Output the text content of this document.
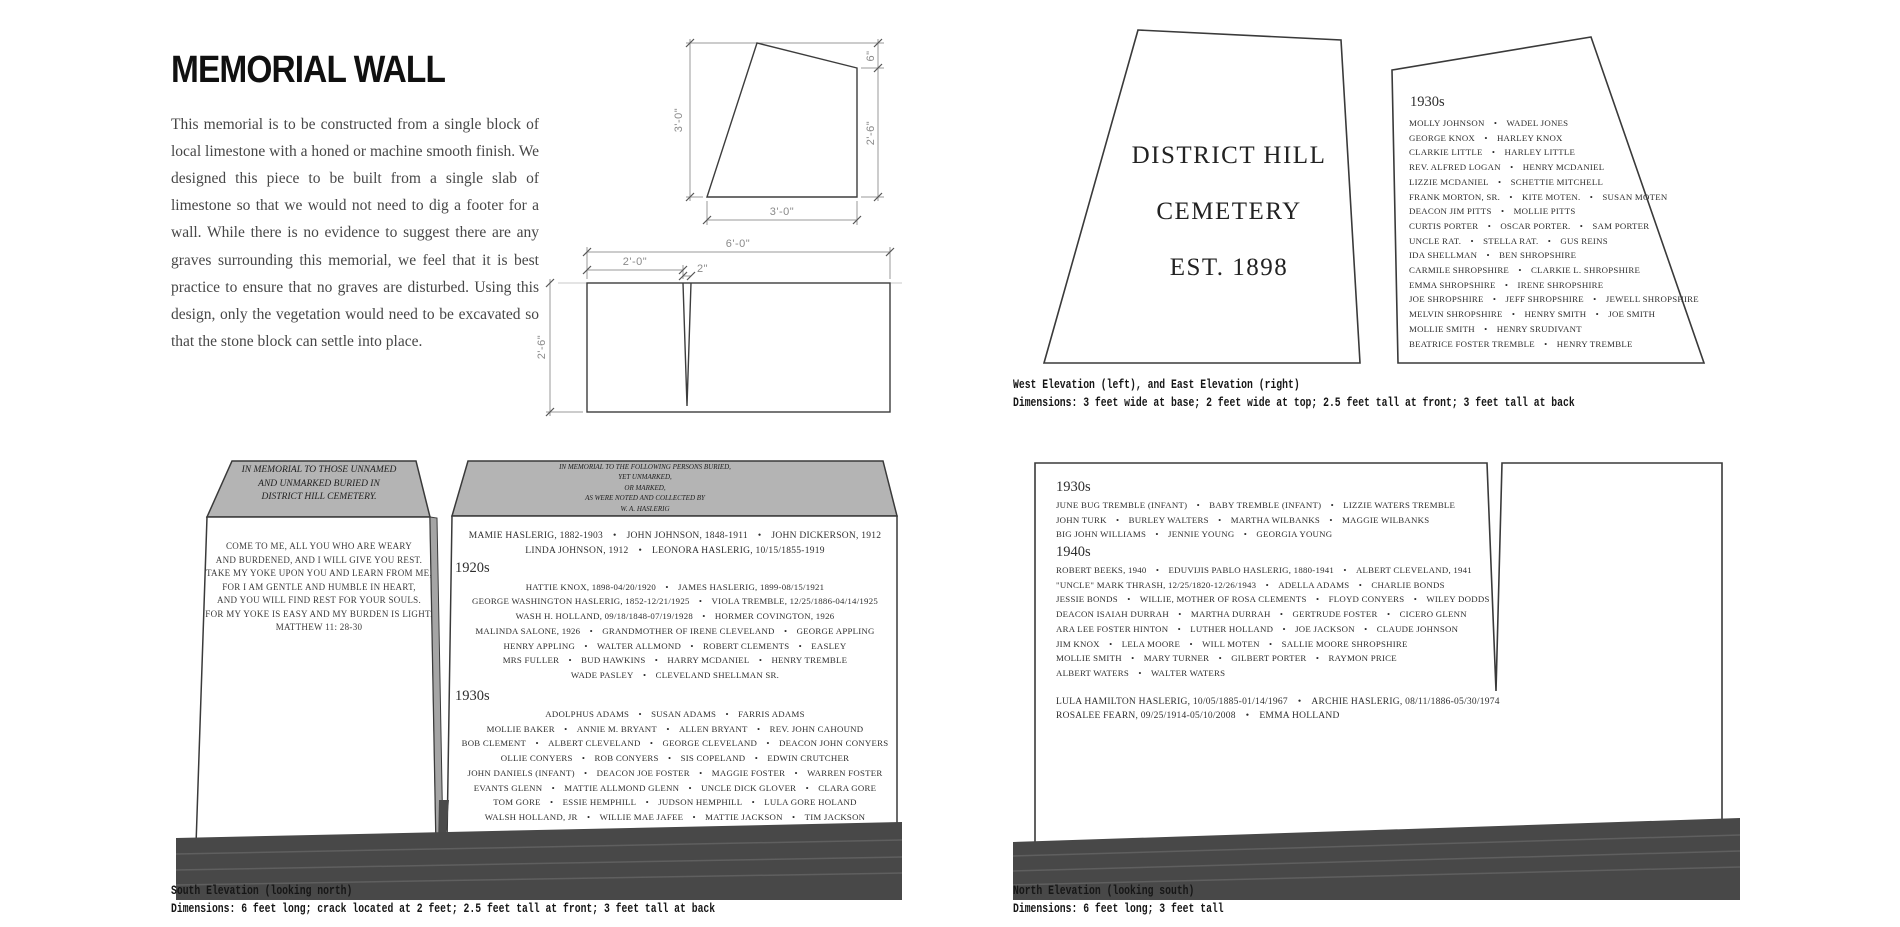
MEMORIAL WALL

This memorial is to be constructed from a single block of local limestone with a honed or machine smooth finish. We designed this piece to be built from a single slab of limestone so that we would not need to dig a footer for a wall. While there is no evidence to suggest there are any graves surrounding this memorial, we feel that it is best practice to ensure that no graves are disturbed. Using this design, only the vegetation would need to be excavated so that the stone block can settle into place.

3'-0"
3'-0"
6"
2'-6"
6'-0"
2'-0"
2"
2'-6"
DISTRICT HILL
CEMETERY
EST. 1898
1930s
MOLLY JOHNSON  •  WADEL JONES
GEORGE KNOX  •  HARLEY KNOX
CLARKIE LITTLE  •  HARLEY LITTLE
REV. ALFRED LOGAN  •  HENRY MCDANIEL
LIZZIE MCDANIEL  •  SCHETTIE MITCHELL
FRANK MORTON, SR.  •  KITE MOTEN.  •  SUSAN MOTEN
DEACON JIM PITTS  •  MOLLIE PITTS
CURTIS PORTER  •  OSCAR PORTER.  •  SAM PORTER
UNCLE RAT.  •  STELLA RAT.  •  GUS REINS
IDA SHELLMAN  •  BEN SHROPSHIRE
CARMILE SHROPSHIRE  •  CLARKIE L. SHROPSHIRE
EMMA SHROPSHIRE  •  IRENE SHROPSHIRE
JOE SHROPSHIRE  •  JEFF SHROPSHIRE  •  JEWELL SHROPSHIRE
MELVIN SHROPSHIRE  •  HENRY SMITH  •  JOE SMITH
MOLLIE SMITH  •  HENRY SRUDIVANT
BEATRICE FOSTER TREMBLE  •  HENRY TREMBLE
West Elevation (left), and East Elevation (right)
Dimensions: 3 feet wide at base; 2 feet wide at top; 2.5 feet tall at front; 3 feet tall at back
IN MEMORIAL TO THOSE UNNAMED
AND UNMARKED BURIED IN
DISTRICT HILL CEMETERY.
COME TO ME, ALL YOU WHO ARE WEARY
AND BURDENED, AND I WILL GIVE YOU REST.
TAKE MY YOKE UPON YOU AND LEARN FROM ME,
FOR I AM GENTLE AND HUMBLE IN HEART,
AND YOU WILL FIND REST FOR YOUR SOULS.
FOR MY YOKE IS EASY AND MY BURDEN IS LIGHT.
MATTHEW 11: 28-30
IN MEMORIAL TO THE FOLLOWING PERSONS BURIED,
YET UNMARKED,
OR MARKED,
AS WERE NOTED AND COLLECTED BY
W. A. HASLERIG
MAMIE HASLERIG, 1882-1903  •  JOHN JOHNSON, 1848-1911  •  JOHN DICKERSON, 1912
LINDA JOHNSON, 1912  •  LEONORA HASLERIG, 10/15/1855-1919
1920s
HATTIE KNOX, 1898-04/20/1920  •  JAMES HASLERIG, 1899-08/15/1921
GEORGE WASHINGTON HASLERIG, 1852-12/21/1925  •  VIOLA TREMBLE, 12/25/1886-04/14/1925
WASH H. HOLLAND, 09/18/1848-07/19/1928  •  HORMER COVINGTON, 1926
MALINDA SALONE, 1926  •  GRANDMOTHER OF IRENE CLEVELAND  •  GEORGE APPLING
HENRY APPLING  •  WALTER ALLMOND  •  ROBERT CLEMENTS  •  EASLEY
MRS FULLER  •  BUD HAWKINS  •  HARRY MCDANIEL  •  HENRY TREMBLE
WADE PASLEY  •  CLEVELAND SHELLMAN SR.
1930s
ADOLPHUS ADAMS  •  SUSAN ADAMS  •  FARRIS ADAMS
MOLLIE BAKER  •  ANNIE M. BRYANT  •  ALLEN BRYANT  •  REV. JOHN CAHOUND
BOB CLEMENT  •  ALBERT CLEVELAND  •  GEORGE CLEVELAND  •  DEACON JOHN CONYERS
OLLIE CONYERS  •  ROB CONYERS  •  SIS COPELAND  •  EDWIN CRUTCHER
JOHN DANIELS (INFANT)  •  DEACON JOE FOSTER  •  MAGGIE FOSTER  •  WARREN FOSTER
EVANTS GLENN  •  MATTIE ALLMOND GLENN  •  UNCLE DICK GLOVER  •  CLARA GORE
TOM GORE  •  ESSIE HEMPHILL  •  JUDSON HEMPHILL  •  LULA GORE HOLAND
WALSH HOLLAND, JR  •  WILLIE MAE JAFEE  •  MATTIE JACKSON  •  TIM JACKSON
South Elevation (looking north)
Dimensions: 6 feet long; crack located at 2 feet; 2.5 feet tall at front; 3 feet tall at back
1930s
JUNE BUG TREMBLE (INFANT)  •  BABY TREMBLE (INFANT)  •  LIZZIE WATERS TREMBLE
JOHN TURK  •  BURLEY WALTERS  •  MARTHA WILBANKS  •  MAGGIE WILBANKS
BIG JOHN WILLIAMS  •  JENNIE YOUNG  •  GEORGIA YOUNG
1940s
ROBERT BEEKS, 1940  •  EDUVIJIS PABLO HASLERIG, 1880-1941  •  ALBERT CLEVELAND, 1941
"UNCLE" MARK THRASH, 12/25/1820-12/26/1943  •  ADELLA ADAMS  •  CHARLIE BONDS
JESSIE BONDS  •  WILLIE, MOTHER OF ROSA CLEMENTS  •  FLOYD CONYERS  •  WILEY DODDS
DEACON ISAIAH DURRAH  •  MARTHA DURRAH  •  GERTRUDE FOSTER  •  CICERO GLENN
ARA LEE FOSTER HINTON  •  LUTHER HOLLAND  •  JOE JACKSON  •  CLAUDE JOHNSON
JIM KNOX  •  LELA MOORE  •  WILL MOTEN  •  SALLIE MOORE SHROPSHIRE
MOLLIE SMITH  •  MARY TURNER  •  GILBERT PORTER  •  RAYMON PRICE
ALBERT WATERS  •  WALTER WATERS
LULA HAMILTON HASLERIG, 10/05/1885-01/14/1967  •  ARCHIE HASLERIG, 08/11/1886-05/30/1974
ROSALEE FEARN, 09/25/1914-05/10/2008  •  EMMA HOLLAND
North Elevation (looking south)
Dimensions: 6 feet long; 3 feet tall
